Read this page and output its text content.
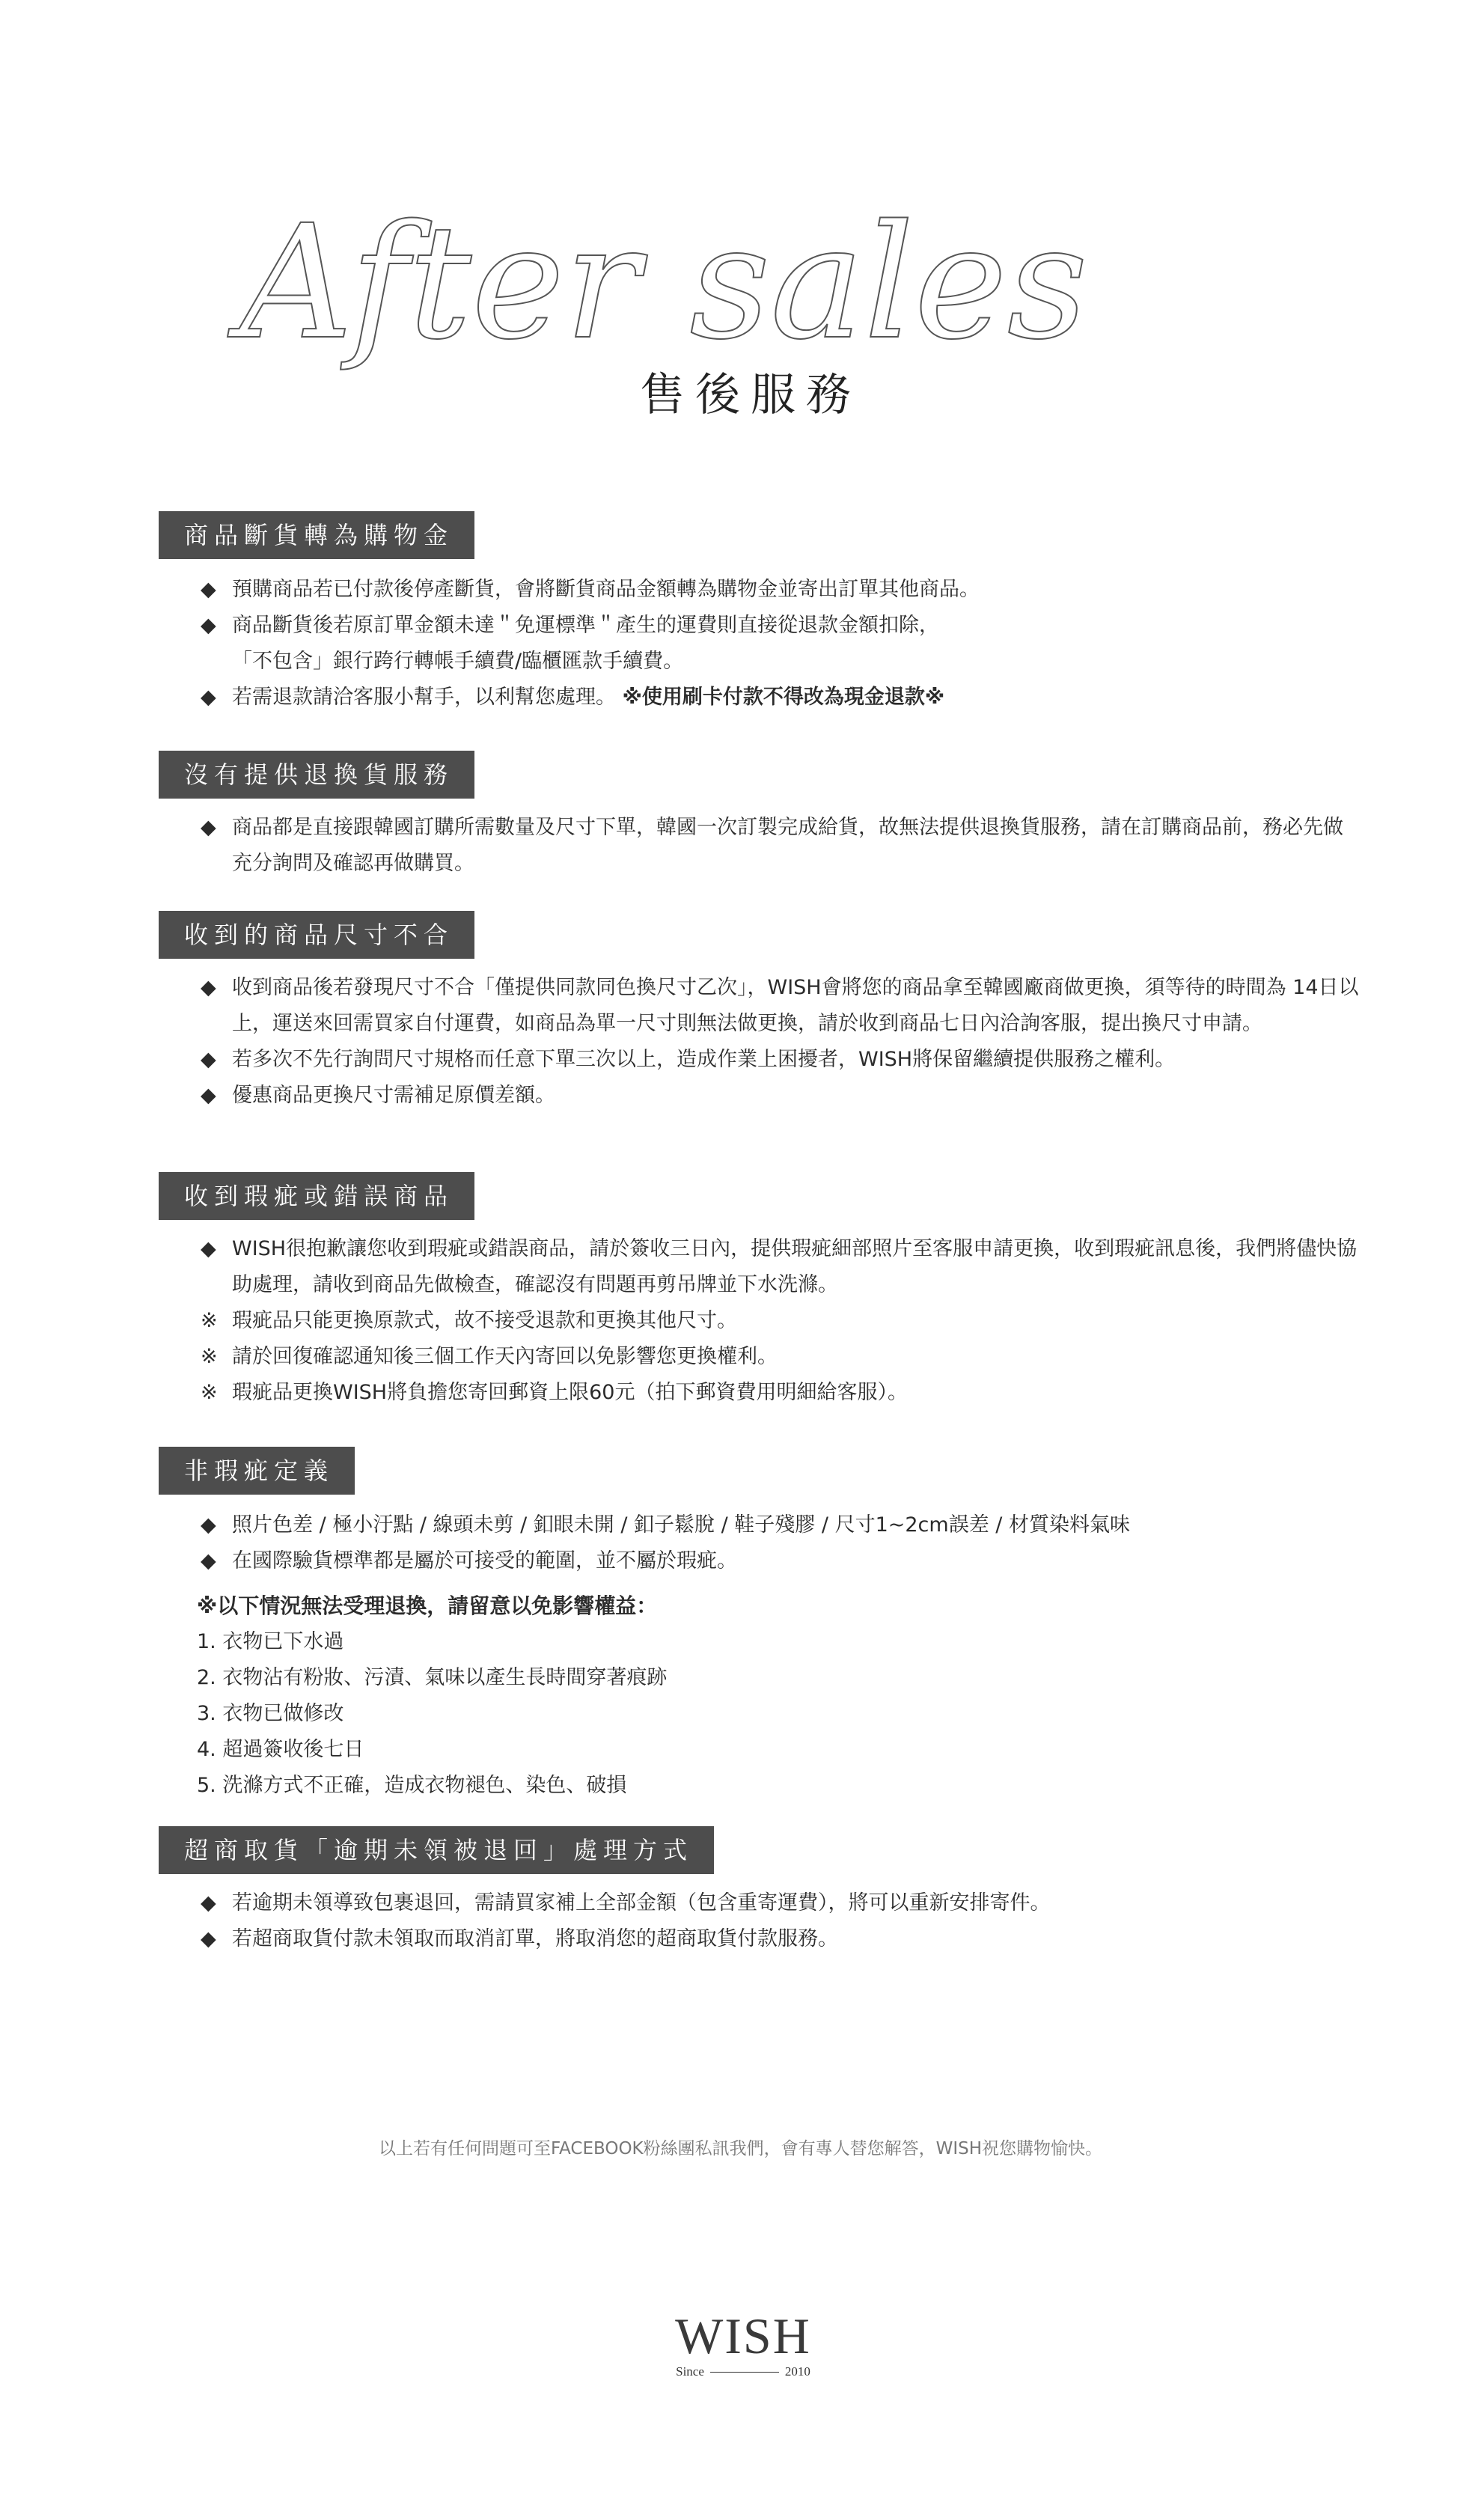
After sales
售後服務
商品斷貨轉為購物金
◆ 預購商品若已付款後停產斷貨，會將斷貨商品金額轉為購物金並寄出訂單其他商品。
◆ 商品斷貨後若原訂單金額未達＂免運標準＂產生的運費則直接從退款金額扣除，
「不包含」銀行跨行轉帳手續費/臨櫃匯款手續費。
◆ 若需退款請洽客服小幫手，以利幫您處理。 ※使用刷卡付款不得改為現金退款※
沒有提供退換貨服務
◆ 商品都是直接跟韓國訂購所需數量及尺寸下單，韓國一次訂製完成給貨，故無法提供退換貨服務，請在訂購商品前，務必先做充分詢問及確認再做購買。
收到的商品尺寸不合
◆ 收到商品後若發現尺寸不合「僅提供同款同色換尺寸乙次」，WISH會將您的商品拿至韓國廠商做更換，須等待的時間為 14日以上，運送來回需買家自付運費，如商品為單一尺寸則無法做更換，請於收到商品七日內洽詢客服，提出換尺寸申請。
◆ 若多次不先行詢問尺寸規格而任意下單三次以上，造成作業上困擾者，WISH將保留繼續提供服務之權利。
◆ 優惠商品更換尺寸需補足原價差額。
收到瑕疵或錯誤商品
◆ WISH很抱歉讓您收到瑕疵或錯誤商品，請於簽收三日內，提供瑕疵細部照片至客服申請更換，收到瑕疵訊息後，我們將儘快協助處理，請收到商品先做檢查，確認沒有問題再剪吊牌並下水洗滌。
※ 瑕疵品只能更換原款式，故不接受退款和更換其他尺寸。
※ 請於回復確認通知後三個工作天內寄回以免影響您更換權利。
※ 瑕疵品更換WISH將負擔您寄回郵資上限60元（拍下郵資費用明細給客服）。
非瑕疵定義
◆ 照片色差 / 極小汙點 / 線頭未剪 / 釦眼未開 / 釦子鬆脫 / 鞋子殘膠 / 尺寸1~2cm誤差 / 材質染料氣味
◆ 在國際驗貨標準都是屬於可接受的範圍，並不屬於瑕疵。
※以下情況無法受理退換，請留意以免影響權益：
1. 衣物已下水過
2. 衣物沾有粉妝、污漬、氣味以產生長時間穿著痕跡
3. 衣物已做修改
4. 超過簽收後七日
5. 洗滌方式不正確，造成衣物褪色、染色、破損
超商取貨「逾期未領被退回」處理方式
◆ 若逾期未領導致包裹退回，需請買家補上全部金額（包含重寄運費），將可以重新安排寄件。
◆ 若超商取貨付款未領取而取消訂單，將取消您的超商取貨付款服務。
以上若有任何問題可至FACEBOOK粉絲團私訊我們，會有專人替您解答，WISH祝您購物愉快。
WISH
Since	2010
